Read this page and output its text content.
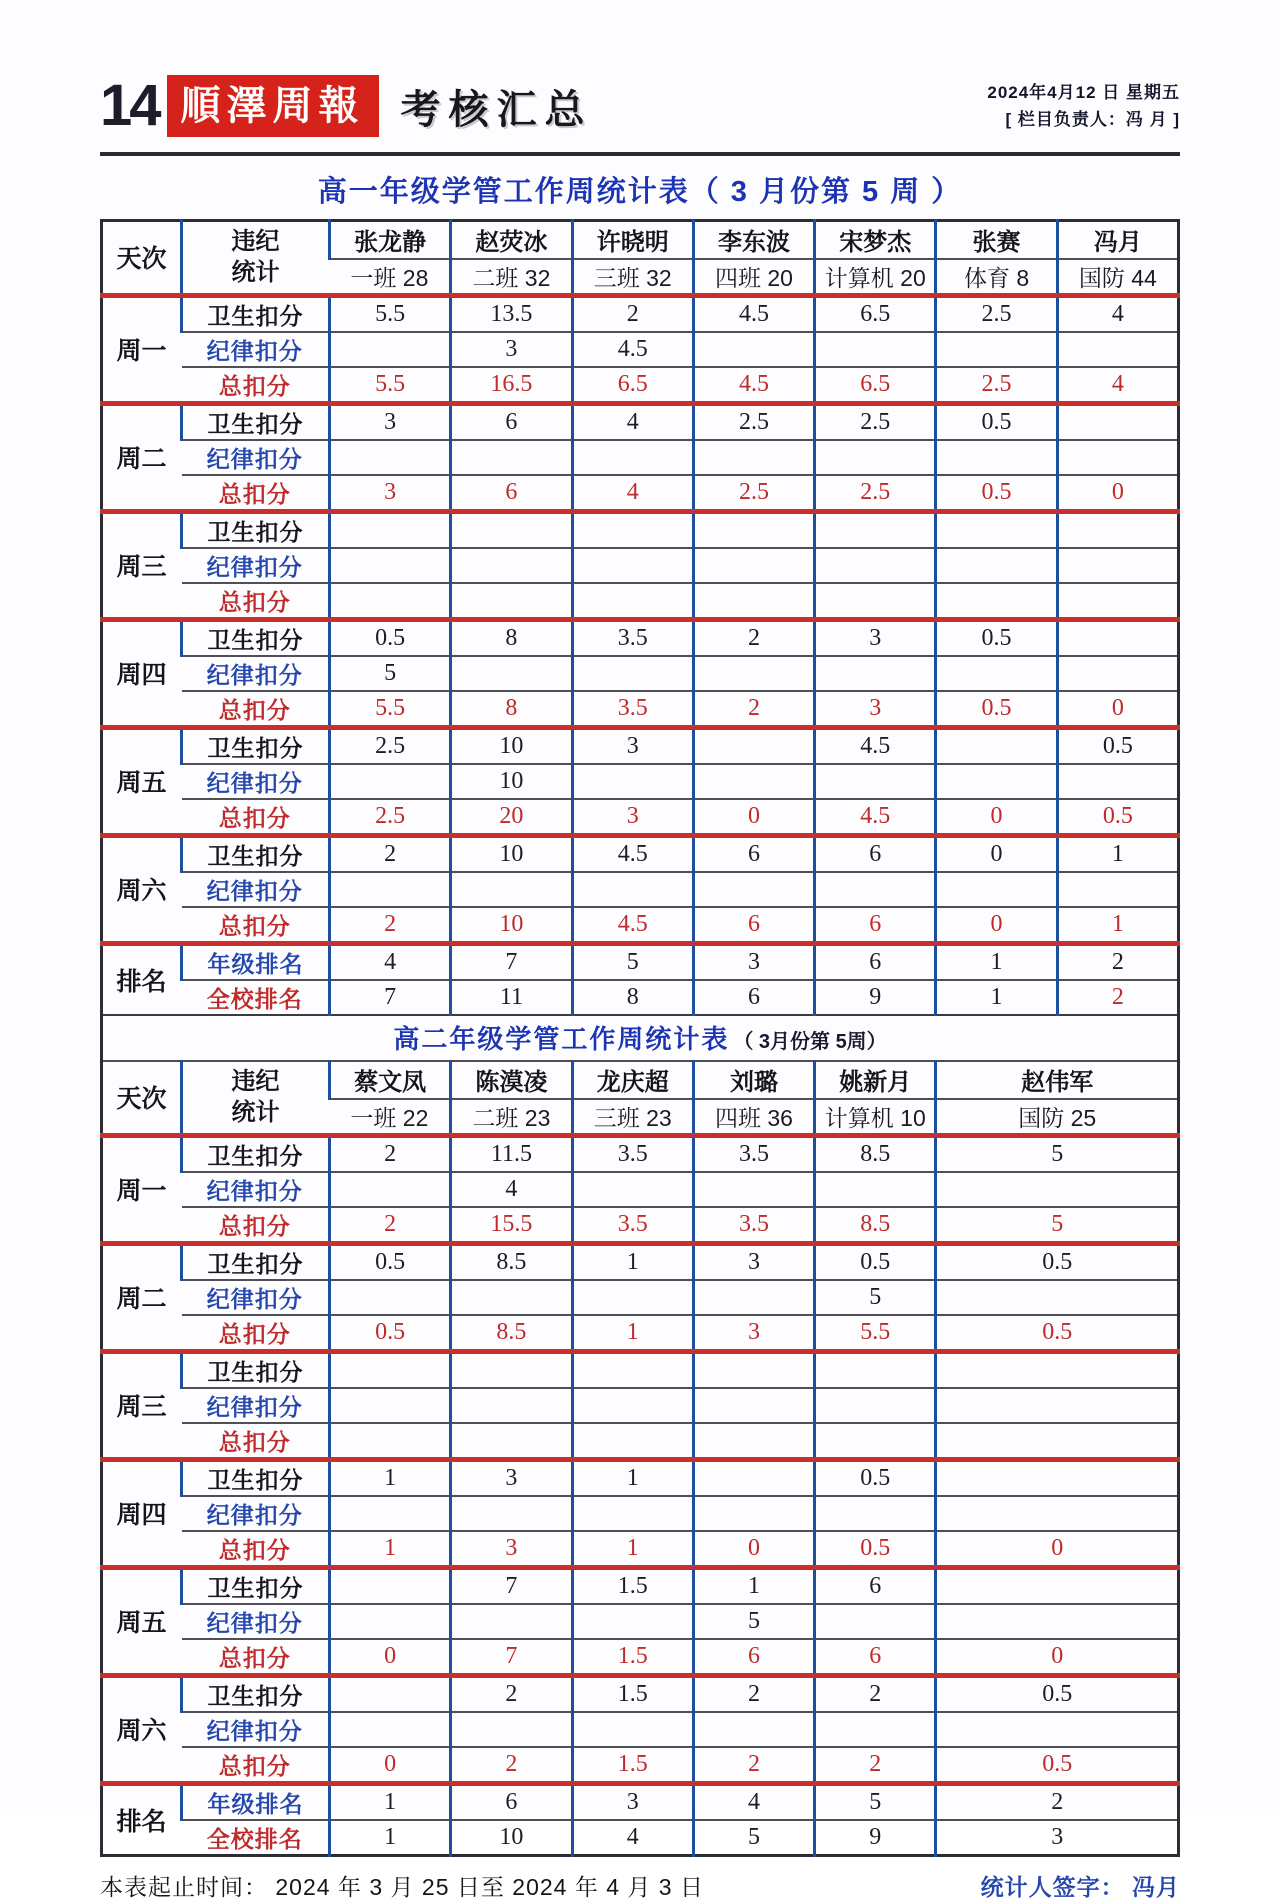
14 順澤周報 考核汇总	2024年4月12 日 星期五
[ 栏目负责人：冯 月 ]
高一年级学管工作周统计表（ 3 月份第 5 周 ）
天次	违纪
统计	张龙静	赵荧冰	许晓明	李东波	宋梦杰	张赛	冯月
		一班 28	二班 32	三班 32	四班 20	计算机 20	体育 8	国防 44
周一	卫生扣分	5.5	13.5	2	4.5	6.5	2.5	4
	纪律扣分		3	4.5				
	总扣分	5.5	16.5	6.5	4.5	6.5	2.5	4
周二	卫生扣分	3	6	4	2.5	2.5	0.5	
	纪律扣分							
	总扣分	3	6	4	2.5	2.5	0.5	0
周三	卫生扣分							
	纪律扣分							
	总扣分							
周四	卫生扣分	0.5	8	3.5	2	3	0.5	
	纪律扣分	5						
	总扣分	5.5	8	3.5	2	3	0.5	0
周五	卫生扣分	2.5	10	3		4.5		0.5
	纪律扣分		10					
	总扣分	2.5	20	3	0	4.5	0	0.5
周六	卫生扣分	2	10	4.5	6	6	0	1
	纪律扣分							
	总扣分	2	10	4.5	6	6	0	1
排名	年级排名	4	7	5	3	6	1	2
	全校排名	7	11	8	6	9	1	2
高二年级学管工作周统计表 （ 3月份第 5周）								
天次	违纪
统计	蔡文凤	陈漠凌	龙庆超	刘璐	姚新月	赵伟军	
		一班 22	二班 23	三班 23	四班 36	计算机 10	国防 25	
周一	卫生扣分	2	11.5	3.5	3.5	8.5	5	
	纪律扣分		4					
	总扣分	2	15.5	3.5	3.5	8.5	5	
周二	卫生扣分	0.5	8.5	1	3	0.5	0.5	
	纪律扣分					5		
	总扣分	0.5	8.5	1	3	5.5	0.5	
周三	卫生扣分							
	纪律扣分							
	总扣分							
周四	卫生扣分	1	3	1		0.5		
	纪律扣分							
	总扣分	1	3	1	0	0.5	0	
周五	卫生扣分		7	1.5	1	6		
	纪律扣分				5			
	总扣分	0	7	1.5	6	6	0	
周六	卫生扣分		2	1.5	2	2	0.5	
	纪律扣分							
	总扣分	0	2	1.5	2	2	0.5	
排名	年级排名	1	6	3	4	5	2	
	全校排名	1	10	4	5	9	3	
本表起止时间： 2024 年 3 月 25 日至 2024 年 4 月 3 日	统计人签字： 冯月
